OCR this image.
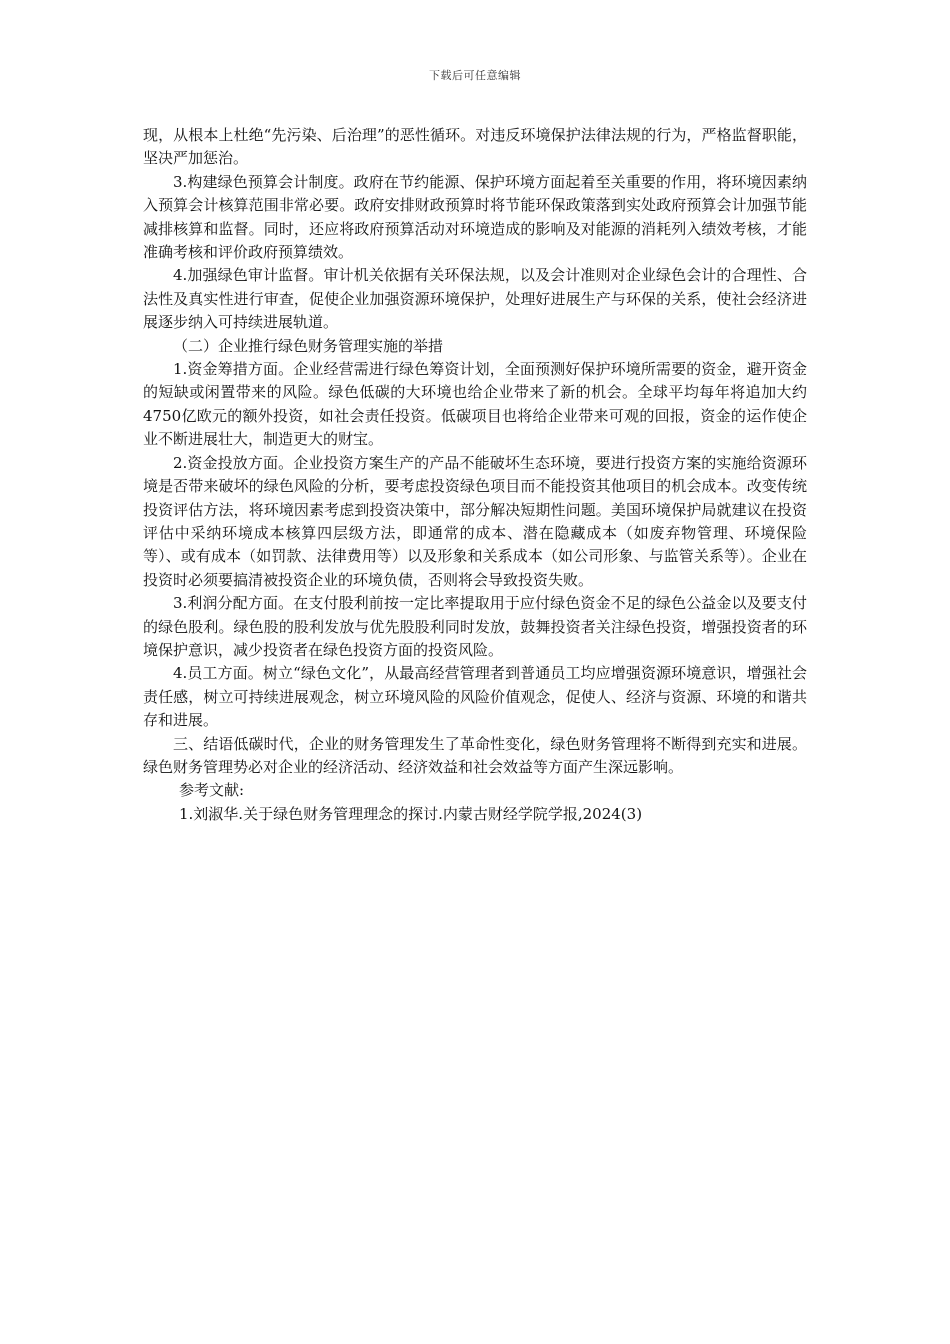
下载后可任意编辑

现，从根本上杜绝“先污染、后治理”的恶性循环。对违反环境保护法律法规的行为，严格监督职能，坚决严加惩治。

3.构建绿色预算会计制度。政府在节约能源、保护环境方面起着至关重要的作用，将环境因素纳入预算会计核算范围非常必要。政府安排财政预算时将节能环保政策落到实处政府预算会计加强节能减排核算和监督。同时，还应将政府预算活动对环境造成的影响及对能源的消耗列入绩效考核，才能准确考核和评价政府预算绩效。

4.加强绿色审计监督。审计机关依据有关环保法规，以及会计准则对企业绿色会计的合理性、合法性及真实性进行审查，促使企业加强资源环境保护，处理好进展生产与环保的关系，使社会经济进展逐步纳入可持续进展轨道。

（二）企业推行绿色财务管理实施的举措

1.资金筹措方面。企业经营需进行绿色筹资计划，全面预测好保护环境所需要的资金，避开资金的短缺或闲置带来的风险。绿色低碳的大环境也给企业带来了新的机会。全球平均每年将追加大约4750亿欧元的额外投资，如社会责任投资。低碳项目也将给企业带来可观的回报，资金的运作使企业不断进展壮大，制造更大的财宝。

2.资金投放方面。企业投资方案生产的产品不能破坏生态环境，要进行投资方案的实施给资源环境是否带来破坏的绿色风险的分析，要考虑投资绿色项目而不能投资其他项目的机会成本。改变传统投资评估方法，将环境因素考虑到投资决策中，部分解决短期性问题。美国环境保护局就建议在投资评估中采纳环境成本核算四层级方法，即通常的成本、潜在隐藏成本（如废弃物管理、环境保险等）、或有成本（如罚款、法律费用等）以及形象和关系成本（如公司形象、与监管关系等）。企业在投资时必须要搞清被投资企业的环境负债，否则将会导致投资失败。

3.利润分配方面。在支付股利前按一定比率提取用于应付绿色资金不足的绿色公益金以及要支付的绿色股利。绿色股的股利发放与优先股股利同时发放，鼓舞投资者关注绿色投资，增强投资者的环境保护意识，减少投资者在绿色投资方面的投资风险。

4.员工方面。树立“绿色文化”，从最高经营管理者到普通员工均应增强资源环境意识，增强社会责任感，树立可持续进展观念，树立环境风险的风险价值观念，促使人、经济与资源、环境的和谐共存和进展。

三、结语低碳时代，企业的财务管理发生了革命性变化，绿色财务管理将不断得到充实和进展。绿色财务管理势必对企业的经济活动、经济效益和社会效益等方面产生深远影响。

参考文献:

1.刘淑华.关于绿色财务管理理念的探讨.内蒙古财经学院学报,2024(3)
